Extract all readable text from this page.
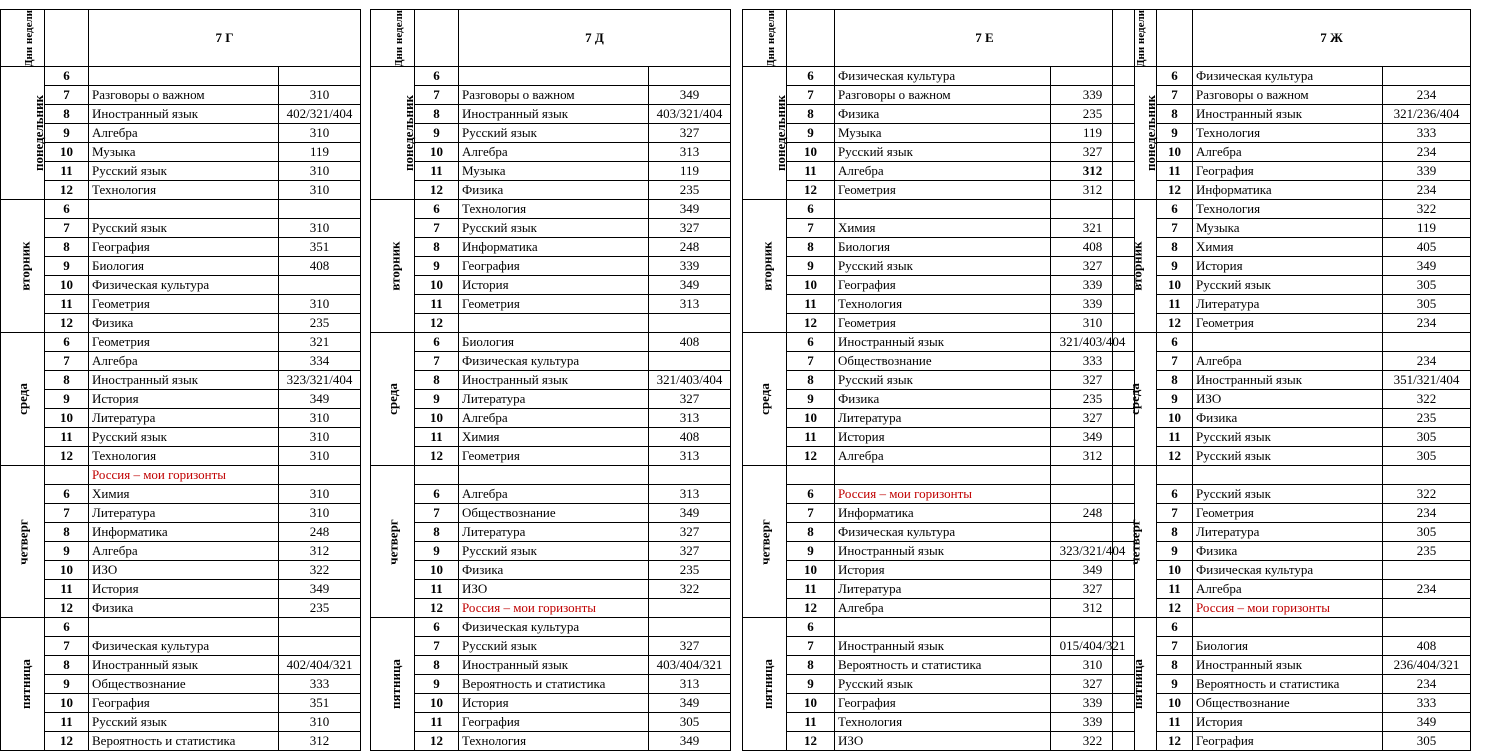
Дни недели		7 Г	
понедельник	6		
	7	Разговоры о важном	310
	8	Иностранный язык	402/321/404
	9	Алгебра	310
	10	Музыка	119
	11	Русский язык	310
	12	Технология	310
вторник	6		
	7	Русский язык	310
	8	География	351
	9	Биология	408
	10	Физическая культура	
	11	Геометрия	310
	12	Физика	235
среда	6	Геометрия	321
	7	Алгебра	334
	8	Иностранный язык	323/321/404
	9	История	349
	10	Литература	310
	11	Русский язык	310
	12	Технология	310
четверг		Россия – мои горизонты	
	6	Химия	310
	7	Литература	310
	8	Информатика	248
	9	Алгебра	312
	10	ИЗО	322
	11	История	349
	12	Физика	235
пятница	6		
	7	Физическая культура	
	8	Иностранный язык	402/404/321
	9	Обществознание	333
	10	География	351
	11	Русский язык	310
	12	Вероятность и статистика	312
Дни недели		7 Д	
понедельник	6		
	7	Разговоры о важном	349
	8	Иностранный язык	403/321/404
	9	Русский язык	327
	10	Алгебра	313
	11	Музыка	119
	12	Физика	235
вторник	6	Технология	349
	7	Русский язык	327
	8	Информатика	248
	9	География	339
	10	История	349
	11	Геометрия	313
	12		
среда	6	Биология	408
	7	Физическая культура	
	8	Иностранный язык	321/403/404
	9	Литература	327
	10	Алгебра	313
	11	Химия	408
	12	Геометрия	313
четверг			
	6	Алгебра	313
	7	Обществознание	349
	8	Литература	327
	9	Русский язык	327
	10	Физика	235
	11	ИЗО	322
	12	Россия – мои горизонты	
пятница	6	Физическая культура	
	7	Русский язык	327
	8	Иностранный язык	403/404/321
	9	Вероятность и статистика	313
	10	История	349
	11	География	305
	12	Технология	349
Дни недели		7 Е	
понедельник	6	Физическая культура	
	7	Разговоры о важном	339
	8	Физика	235
	9	Музыка	119
	10	Русский язык	327
	11	Алгебра	312
	12	Геометрия	312
вторник	6		
	7	Химия	321
	8	Биология	408
	9	Русский язык	327
	10	География	339
	11	Технология	339
	12	Геометрия	310
среда	6	Иностранный язык	321/403/404
	7	Обществознание	333
	8	Русский язык	327
	9	Физика	235
	10	Литература	327
	11	История	349
	12	Алгебра	312
четверг			
	6	Россия – мои горизонты	
	7	Информатика	248
	8	Физическая культура	
	9	Иностранный язык	323/321/404
	10	История	349
	11	Литература	327
	12	Алгебра	312
пятница	6		
	7	Иностранный язык	015/404/321
	8	Вероятность и статистика	310
	9	Русский язык	327
	10	География	339
	11	Технология	339
	12	ИЗО	322
Дни недели		7 Ж	
понедельник	6	Физическая культура	
	7	Разговоры о важном	234
	8	Иностранный язык	321/236/404
	9	Технология	333
	10	Алгебра	234
	11	География	339
	12	Информатика	234
вторник	6	Технология	322
	7	Музыка	119
	8	Химия	405
	9	История	349
	10	Русский язык	305
	11	Литература	305
	12	Геометрия	234
среда	6		
	7	Алгебра	234
	8	Иностранный язык	351/321/404
	9	ИЗО	322
	10	Физика	235
	11	Русский язык	305
	12	Русский язык	305
четверг			
	6	Русский язык	322
	7	Геометрия	234
	8	Литература	305
	9	Физика	235
	10	Физическая культура	
	11	Алгебра	234
	12	Россия – мои горизонты	
пятница	6		
	7	Биология	408
	8	Иностранный язык	236/404/321
	9	Вероятность и статистика	234
	10	Обществознание	333
	11	История	349
	12	География	305
